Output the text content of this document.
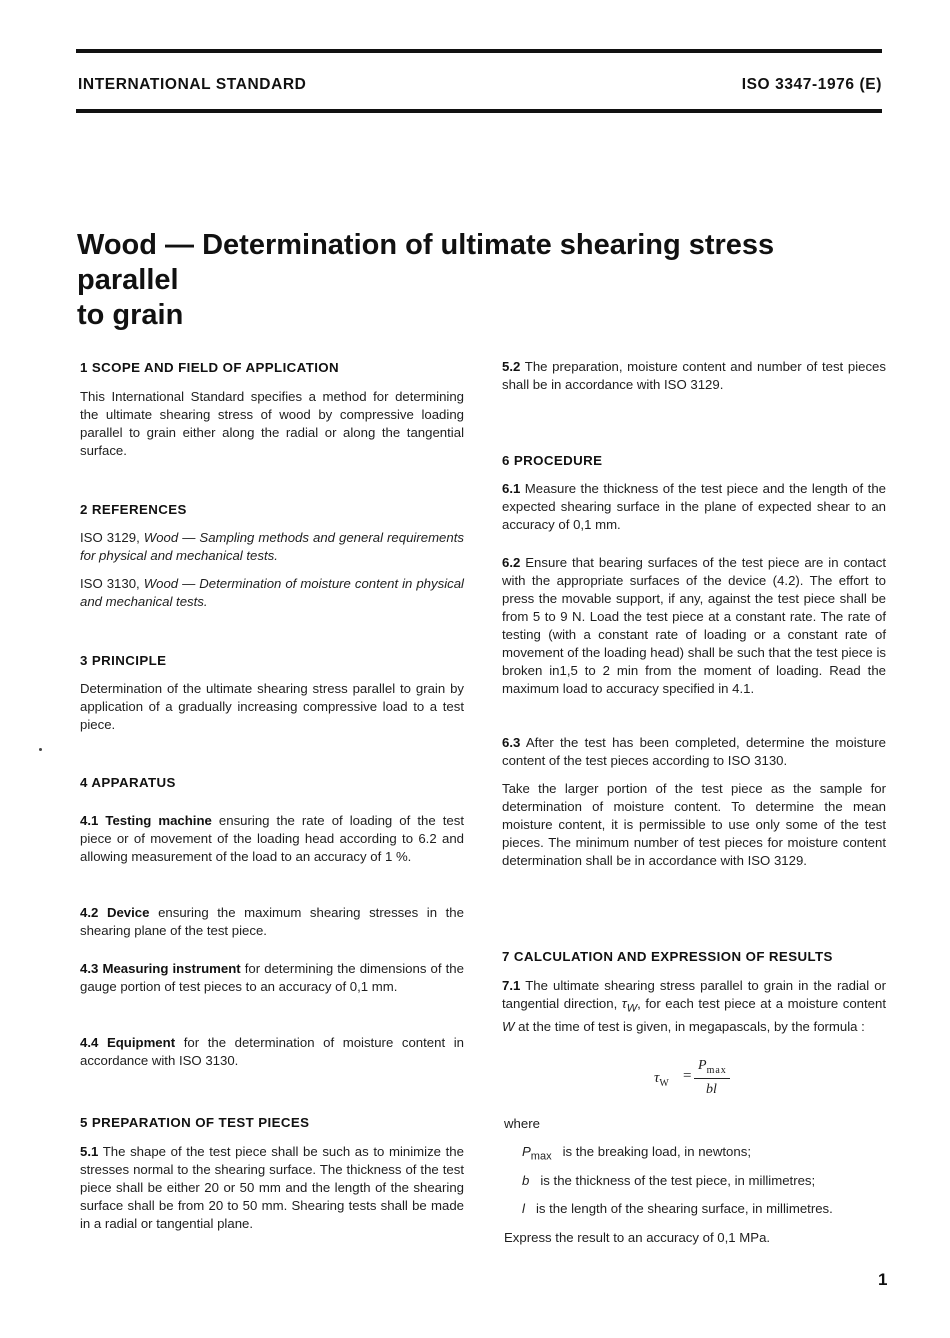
INTERNATIONAL STANDARD	ISO 3347-1976 (E)
Wood — Determination of ultimate shearing stress parallel
to grain
1 SCOPE AND FIELD OF APPLICATION

This International Standard specifies a method for determining the ultimate shearing stress of wood by compressive loading parallel to grain either along the radial or along the tangential surface.

2 REFERENCES

ISO 3129, Wood — Sampling methods and general requirements for physical and mechanical tests.

ISO 3130, Wood — Determination of moisture content in physical and mechanical tests.

3 PRINCIPLE

Determination of the ultimate shearing stress parallel to grain by application of a gradually increasing compressive load to a test piece.

4 APPARATUS

4.1 Testing machine ensuring the rate of loading of the test piece or of movement of the loading head according to 6.2 and allowing measurement of the load to an accuracy of 1 %.

4.2 Device ensuring the maximum shearing stresses in the shearing plane of the test piece.

4.3 Measuring instrument for determining the dimensions of the gauge portion of test pieces to an accuracy of 0,1 mm.

4.4 Equipment for the determination of moisture content in accordance with ISO 3130.

5 PREPARATION OF TEST PIECES

5.1 The shape of the test piece shall be such as to minimize the stresses normal to the shearing surface. The thickness of the test piece shall be either 20 or 50 mm and the length of the shearing surface shall be from 20 to 50 mm. Shearing tests shall be made in a radial or tangential plane.

5.2 The preparation, moisture content and number of test pieces shall be in accordance with ISO 3129.

6 PROCEDURE

6.1 Measure the thickness of the test piece and the length of the expected shearing surface in the plane of expected shear to an accuracy of 0,1 mm.

6.2 Ensure that bearing surfaces of the test piece are in contact with the appropriate surfaces of the device (4.2). The effort to press the movable support, if any, against the test piece shall be from 5 to 9 N. Load the test piece at a constant rate. The rate of testing (with a constant rate of loading or a constant rate of movement of the loading head) shall be such that the test piece is broken in1,5 to 2 min from the moment of loading. Read the maximum load to accuracy specified in 4.1.

6.3 After the test has been completed, determine the moisture content of the test pieces according to ISO 3130.

Take the larger portion of the test piece as the sample for determination of moisture content. To determine the mean moisture content, it is permissible to use only some of the test pieces. The minimum number of test pieces for moisture content determination shall be in accordance with ISO 3129.

7 CALCULATION AND EXPRESSION OF RESULTS

7.1 The ultimate shearing stress parallel to grain in the radial or tangential direction, $\tau_W$, for each test piece at a moisture content W at the time of test is given, in megapascals, by the formula :

$\tau_W$ =
$P_{max}$
bl
where
$P_{max}$ is the breaking load, in newtons;
b is the thickness of the test piece, in millimetres;
l is the length of the shearing surface, in millimetres.
Express the result to an accuracy of 0,1 MPa.
1
